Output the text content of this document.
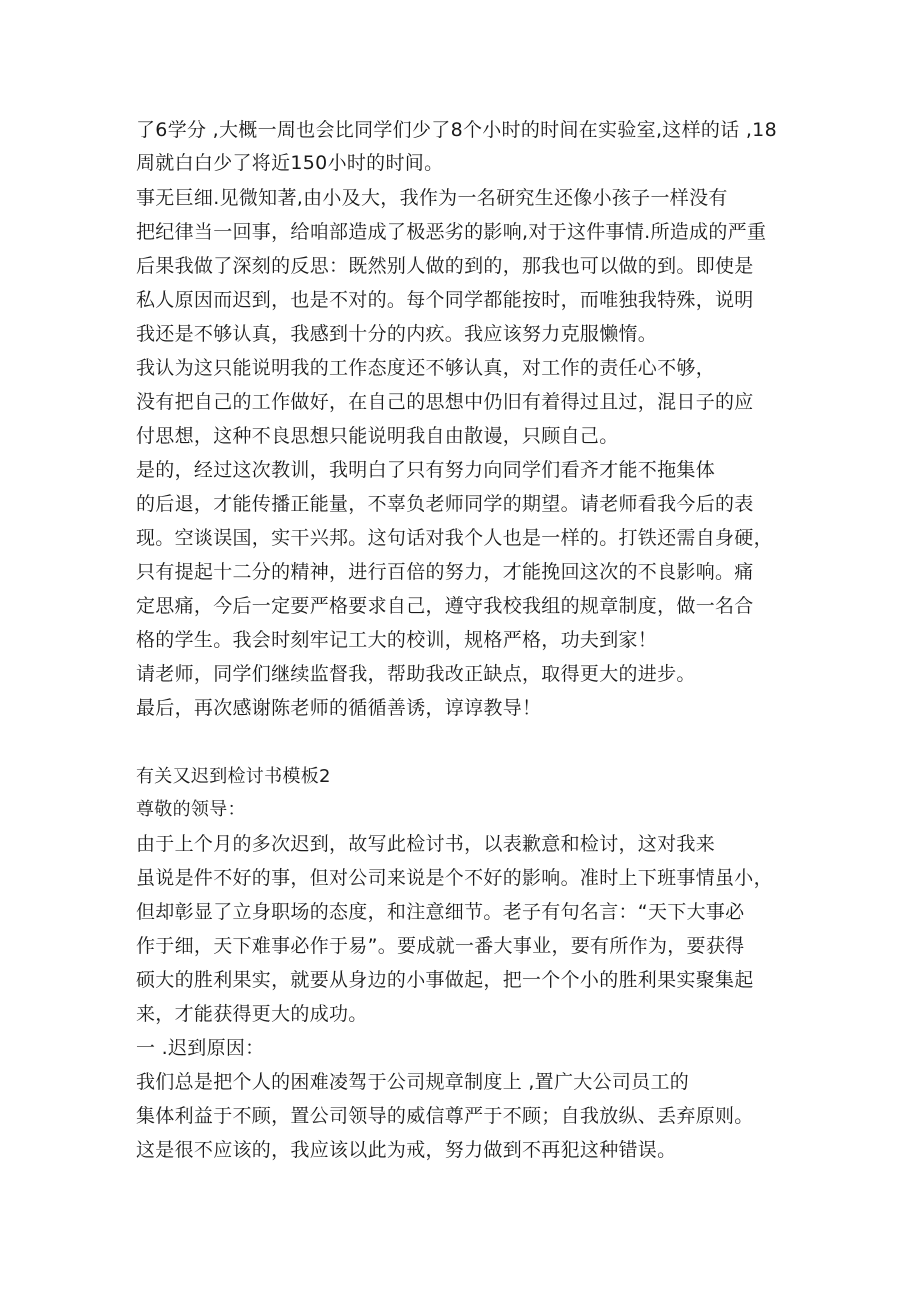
了6学分 ,大概一周也会比同学们少了8个小时的时间在实验室,这样的话 ,18

周就白白少了将近150小时的时间。

事无巨细.见微知著,由小及大，我作为一名研究生还像小孩子一样没有

把纪律当一回事，给咱部造成了极恶劣的影响,对于这件事情.所造成的严重

后果我做了深刻的反思：既然别人做的到的，那我也可以做的到。即使是

私人原因而迟到，也是不对的。每个同学都能按时，而唯独我特殊，说明

我还是不够认真，我感到十分的内疚。我应该努力克服懒惰。

我认为这只能说明我的工作态度还不够认真，对工作的责任心不够，

没有把自己的工作做好，在自己的思想中仍旧有着得过且过，混日子的应

付思想，这种不良思想只能说明我自由散谩，只顾自己。

是的，经过这次教训，我明白了只有努力向同学们看齐才能不拖集体

的后退，才能传播正能量，不辜负老师同学的期望。请老师看我今后的表

现。空谈误国，实干兴邦。这句话对我个人也是一样的。打铁还需自身硬，

只有提起十二分的精神，进行百倍的努力，才能挽回这次的不良影响。痛

定思痛，今后一定要严格要求自己，遵守我校我组的规章制度，做一名合

格的学生。我会时刻牢记工大的校训，规格严格，功夫到家！

请老师，同学们继续监督我，帮助我改正缺点，取得更大的进步。

最后，再次感谢陈老师的循循善诱，谆谆教导！

有关又迟到检讨书模板2

尊敬的领导：

由于上个月的多次迟到，故写此检讨书，以表歉意和检讨，这对我来

虽说是件不好的事，但对公司来说是个不好的影响。准时上下班事情虽小，

但却彰显了立身职场的态度，和注意细节。老子有句名言：“天下大事必

作于细，天下难事必作于易”。要成就一番大事业，要有所作为，要获得

硕大的胜利果实，就要从身边的小事做起，把一个个小的胜利果实聚集起

来，才能获得更大的成功。

一 .迟到原因：

我们总是把个人的困难凌驾于公司规章制度上 ,置广大公司员工的

集体利益于不顾，置公司领导的威信尊严于不顾；自我放纵、丢弃原则。

这是很不应该的，我应该以此为戒，努力做到不再犯这种错误。
